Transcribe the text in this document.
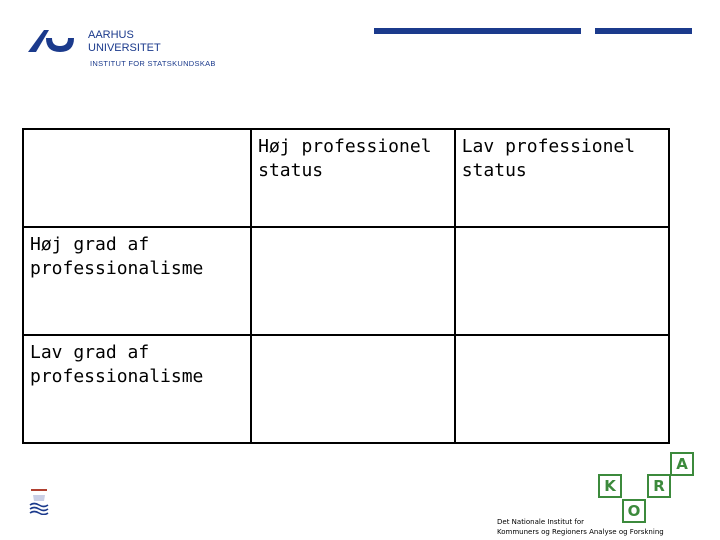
AARHUS
UNIVERSITET
INSTITUT FOR STATSKUNDSKAB
	Høj professionel status	Lav professionel status
Høj grad af professionalisme		
Lav grad af professionalisme		
K
O
R
A
Det Nationale Institut for
Kommuners og Regioners Analyse og Forskning
